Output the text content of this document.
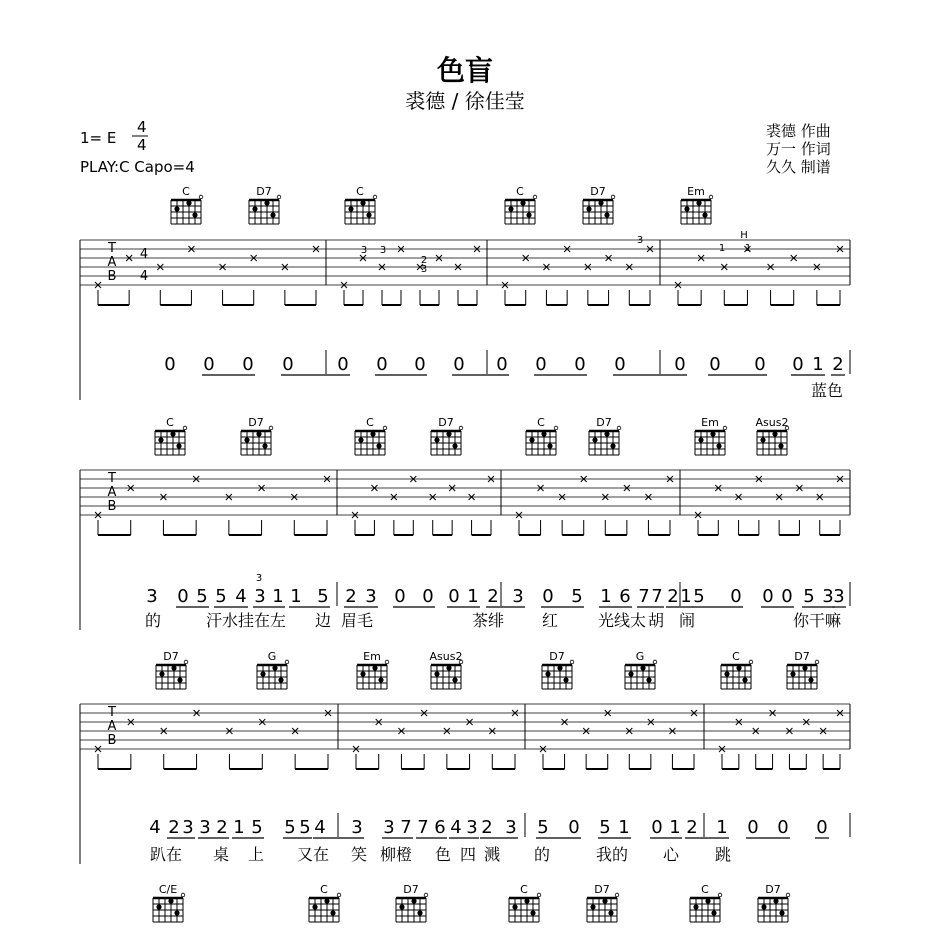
色盲
裘德 / 徐佳莹
1= E
4
4
PLAY:C Capo=4
裘德 作曲
万一 作词
久久 制谱
C	D7	C	C	D7	Em
C	D7	C	D7	C	D7	Em	Asus2
D7	G	Em	Asus2	D7	G	C	D7
C/E	C	D7	C	D7	C	D7
T
A
B
T
A
B
T
A
B
4
4
H
3 3
2
3
3
1 1
0 0 0 0 0 0 0 0 0 0 0 0	0 0 0 0 1 2
3 0 5 5 4 3 1 1 5 2 3 0 0 0 1 2 3 0 5 1 6 7 7 2 1 5 0 0 0 5 3 3
4 2 3 3 2 1 5 5 5 4 3 3 7 7 6 4 3 2 3 5 0 5 1 0 1 2 1 0 0 0
3
蓝色
的	汗水挂在左 边 眉毛	茶绯 红 光线太 胡 闹	你干嘛
趴在 桌 上 又在 笑 柳橙 色 四 溅 的	我的 心 跳
